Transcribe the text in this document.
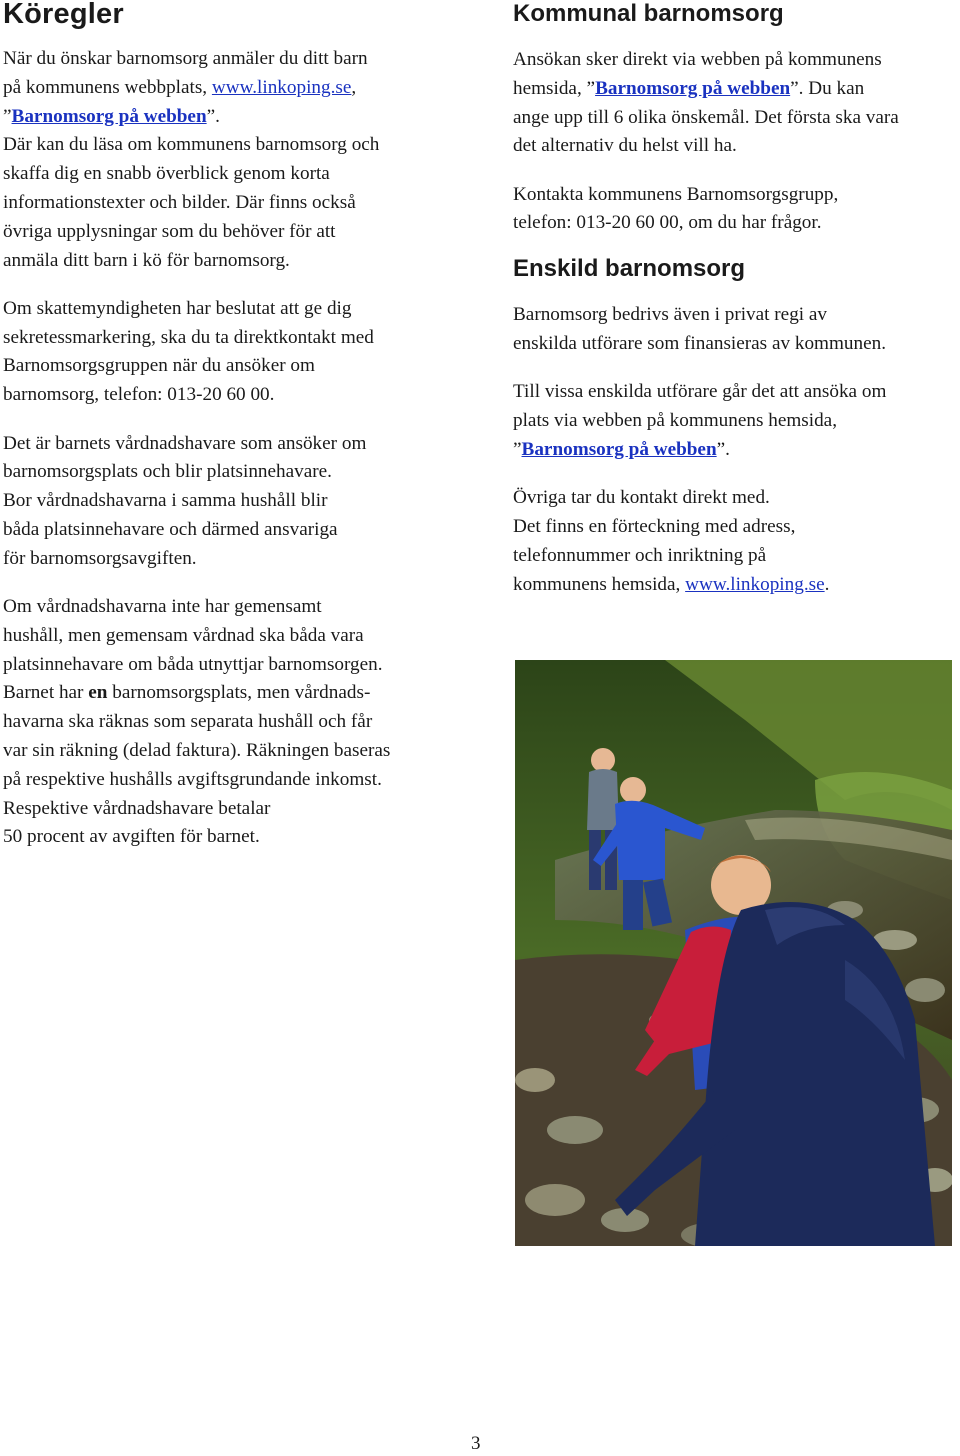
Köregler

När du önskar barnomsorg anmäler du ditt barn

på kommunens webbplats, www.linkoping.se,

”Barnomsorg på webben”.

Där kan du läsa om kommunens barnomsorg och

skaffa dig en snabb överblick genom korta

informationstexter och bilder. Där finns också

övriga upplysningar som du behöver för att

anmäla ditt barn i kö för barnomsorg.

Om skattemyndigheten har beslutat att ge dig

sekretessmarkering, ska du ta direktkontakt med

Barnomsorgsgruppen när du ansöker om

barnomsorg, telefon: 013-20 60 00.

Det är barnets vårdnadshavare som ansöker om

barnomsorgsplats och blir platsinnehavare.

Bor vårdnadshavarna i samma hushåll blir

båda platsinnehavare och därmed ansvariga

för barnomsorgsavgiften.

Om vårdnadshavarna inte har gemensamt

hushåll, men gemensam vårdnad ska båda vara

platsinnehavare om båda utnyttjar barnomsorgen.

Barnet har en barnomsorgsplats, men vårdnads-

havarna ska räknas som separata hushåll och får

var sin räkning (delad faktura). Räkningen baseras

på respektive hushålls avgiftsgrundande inkomst.

Respektive vårdnadshavare betalar

50 procent av avgiften för barnet.

Kommunal barnomsorg

Ansökan sker direkt via webben på kommunens

hemsida, ”Barnomsorg på webben”. Du kan

ange upp till 6 olika önskemål. Det första ska vara

det alternativ du helst vill ha.

Kontakta kommunens Barnomsorgsgrupp,

telefon: 013-20 60 00, om du har frågor.

Enskild barnomsorg

Barnomsorg bedrivs även i privat regi av

enskilda utförare som finansieras av kommunen.

Till vissa enskilda utförare går det att ansöka om

plats via webben på kommunens hemsida,

”Barnomsorg på webben”.

Övriga tar du kontakt direkt med.

Det finns en förteckning med adress,

telefonnummer och inriktning på

kommunens hemsida, www.linkoping.se.

3
